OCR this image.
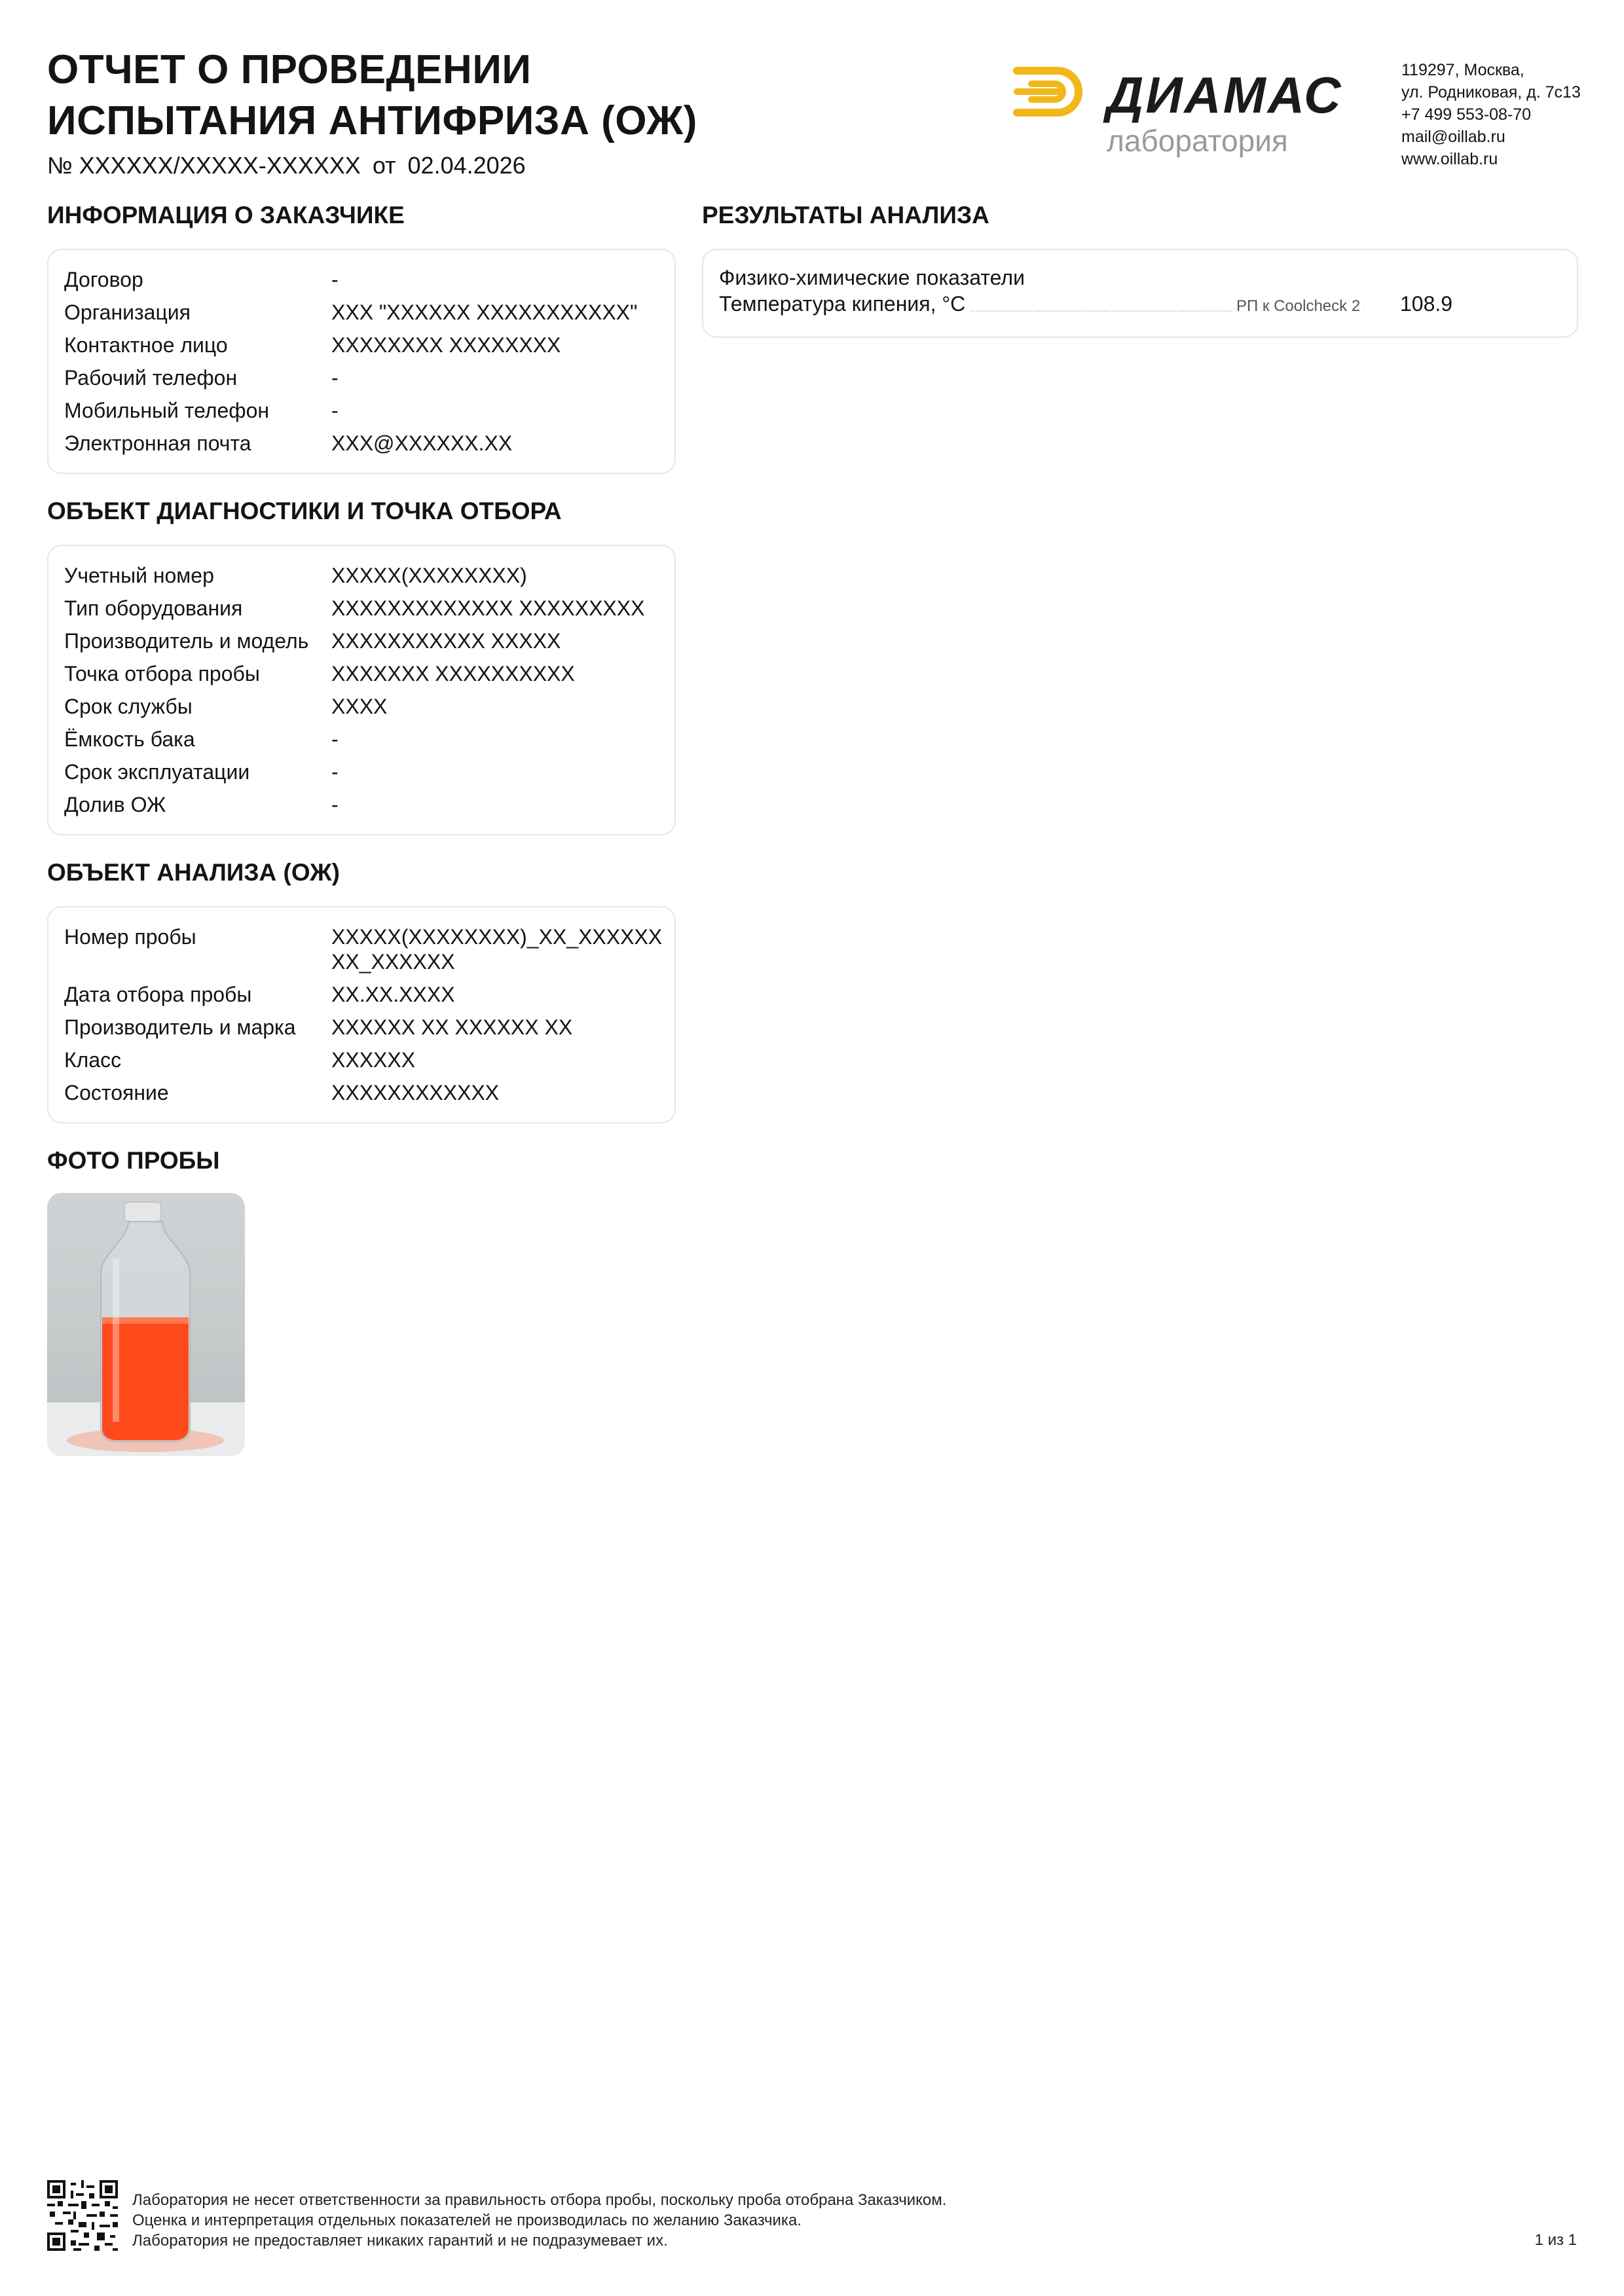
ОТЧЕТ О ПРОВЕДЕНИИ
ИСПЫТАНИЯ АНТИФРИЗА (ОЖ)
№ XXXXXX/XXXXX-XXXXXX от 02.04.2026
ДИАМАС
лаборатория
119297, Москва,
ул. Родниковая, д. 7с13
+7 499 553-08-70
mail@oillab.ru
www.oillab.ru
ИНФОРМАЦИЯ О ЗАКАЗЧИКЕ
Договор	-
Организация	XXX "XXXXXX XXXXXXXXXXX"
Контактное лицо	XXXXXXXX XXXXXXXX
Рабочий телефон	-
Мобильный телефон	-
Электронная почта	XXX@XXXXXX.XX
ОБЪЕКТ ДИАГНОСТИКИ И ТОЧКА ОТБОРА
Учетный номер	XXXXX(XXXXXXXX)
Тип оборудования	XXXXXXXXXXXXX XXXXXXXXX
Производитель и модель	XXXXXXXXXXX XXXXX
Точка отбора пробы	XXXXXXX XXXXXXXXXX
Срок службы	XXXX
Ёмкость бака	-
Срок эксплуатации	-
Долив ОЖ	-
ОБЪЕКТ АНАЛИЗА (ОЖ)
Номер пробы	XXXXX(XXXXXXXX)_XX_XXXXXX
XX_XXXXXX
Дата отбора пробы	XX.XX.XXXX
Производитель и марка	XXXXXX XX XXXXXX XX
Класс	XXXXXX
Состояние	XXXXXXXXXXXX
ФОТО ПРОБЫ
РЕЗУЛЬТАТЫ АНАЛИЗА
Физико-химические показатели
Температура кипения, °С	РП к Coolcheck 2 108.9
Лаборатория не несет ответственности за правильность отбора пробы, поскольку проба отобрана Заказчиком.
Оценка и интерпретация отдельных показателей не производилась по желанию Заказчика.
Лаборатория не предоставляет никаких гарантий и не подразумевает их.	1 из 1
